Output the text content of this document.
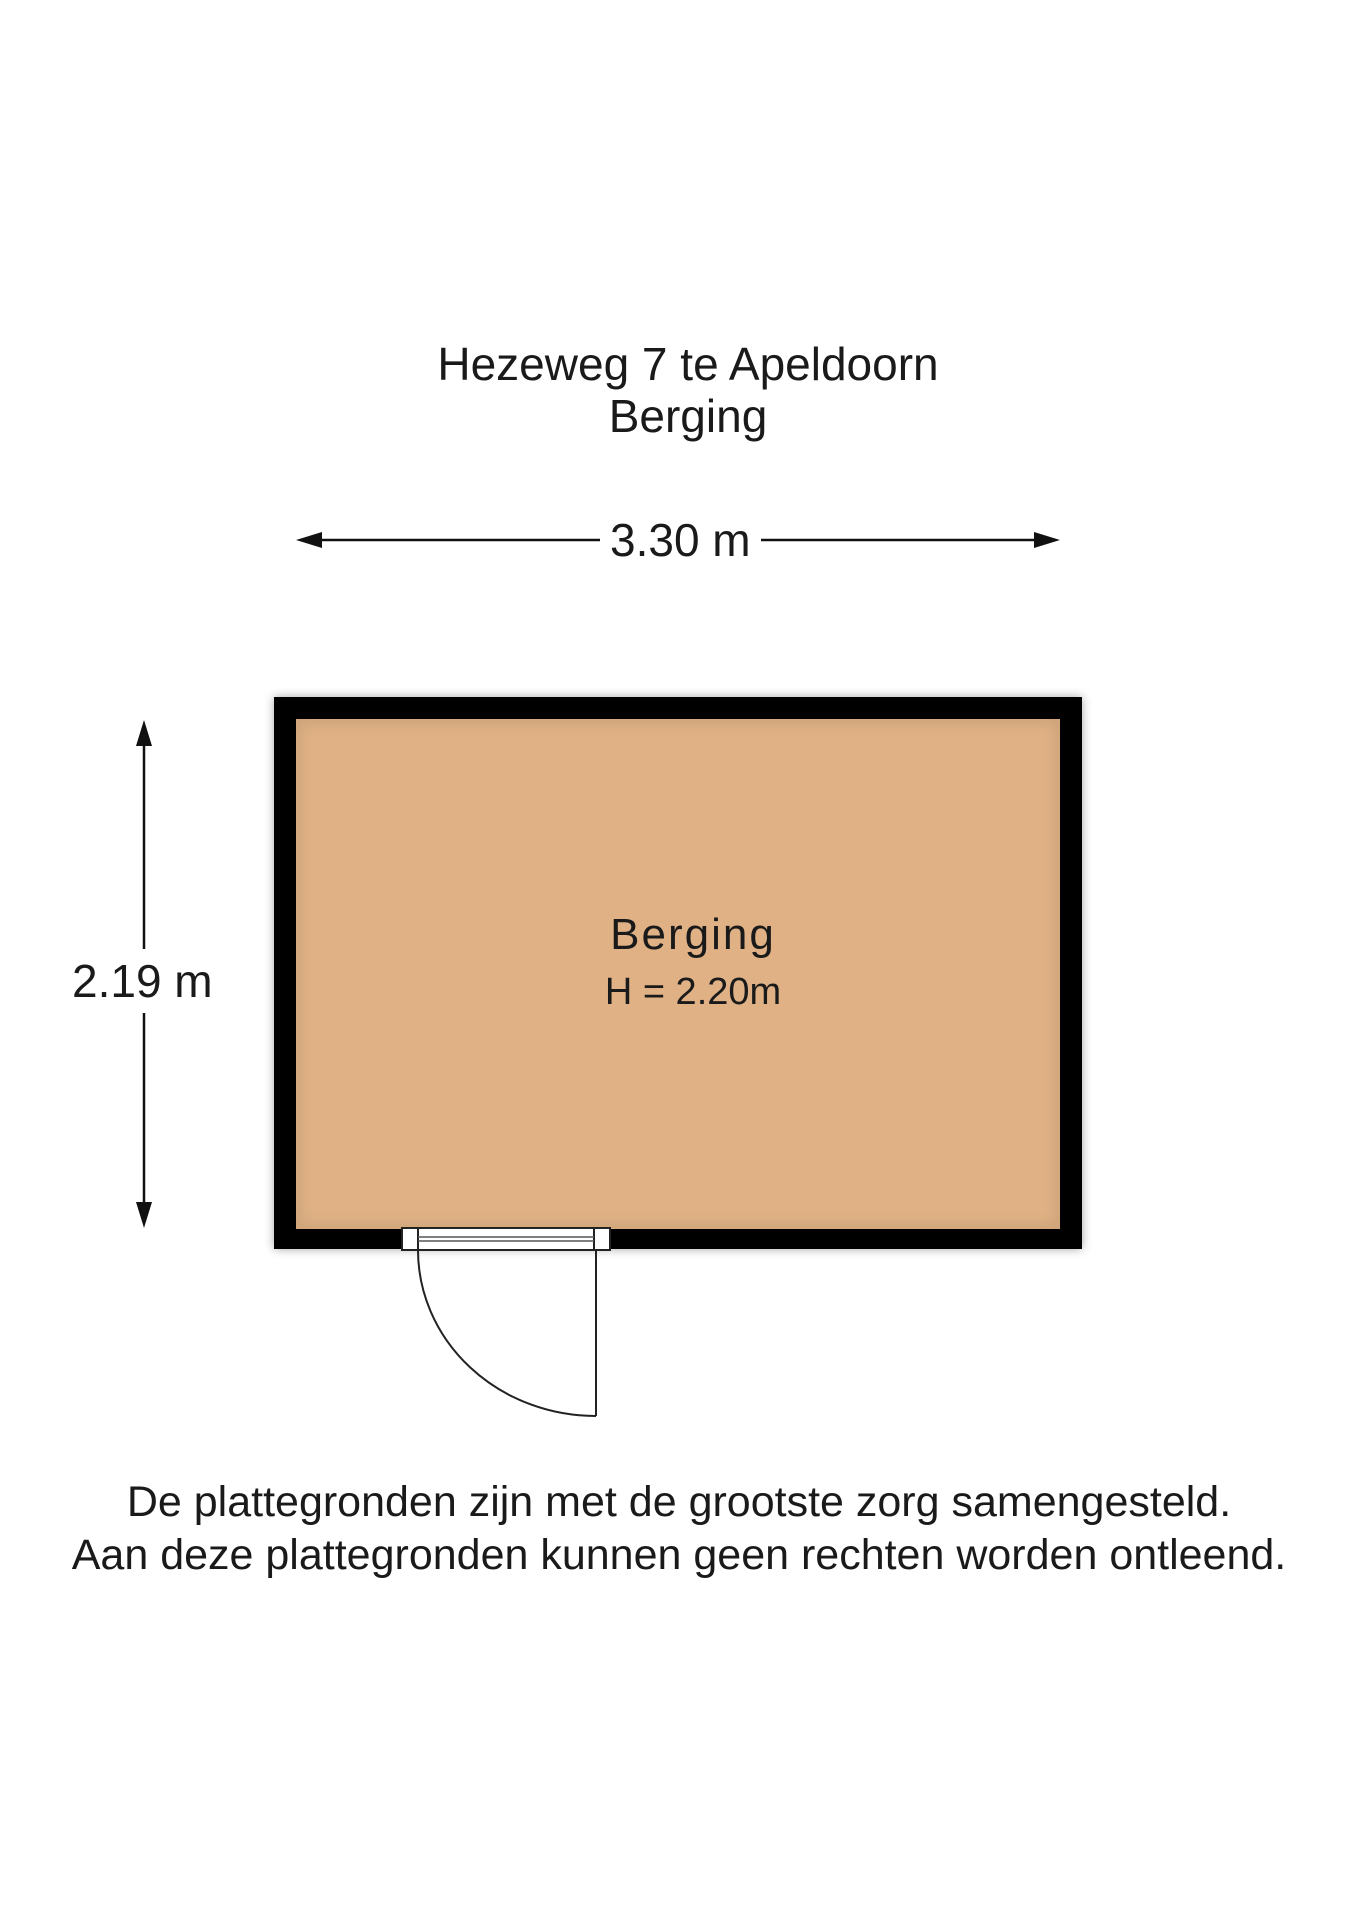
Hezeweg 7 te Apeldoorn
Berging
3.30 m
2.19 m
Berging
H = 2.20m
De plattegronden zijn met de grootste zorg samengesteld.
Aan deze plattegronden kunnen geen rechten worden ontleend.
